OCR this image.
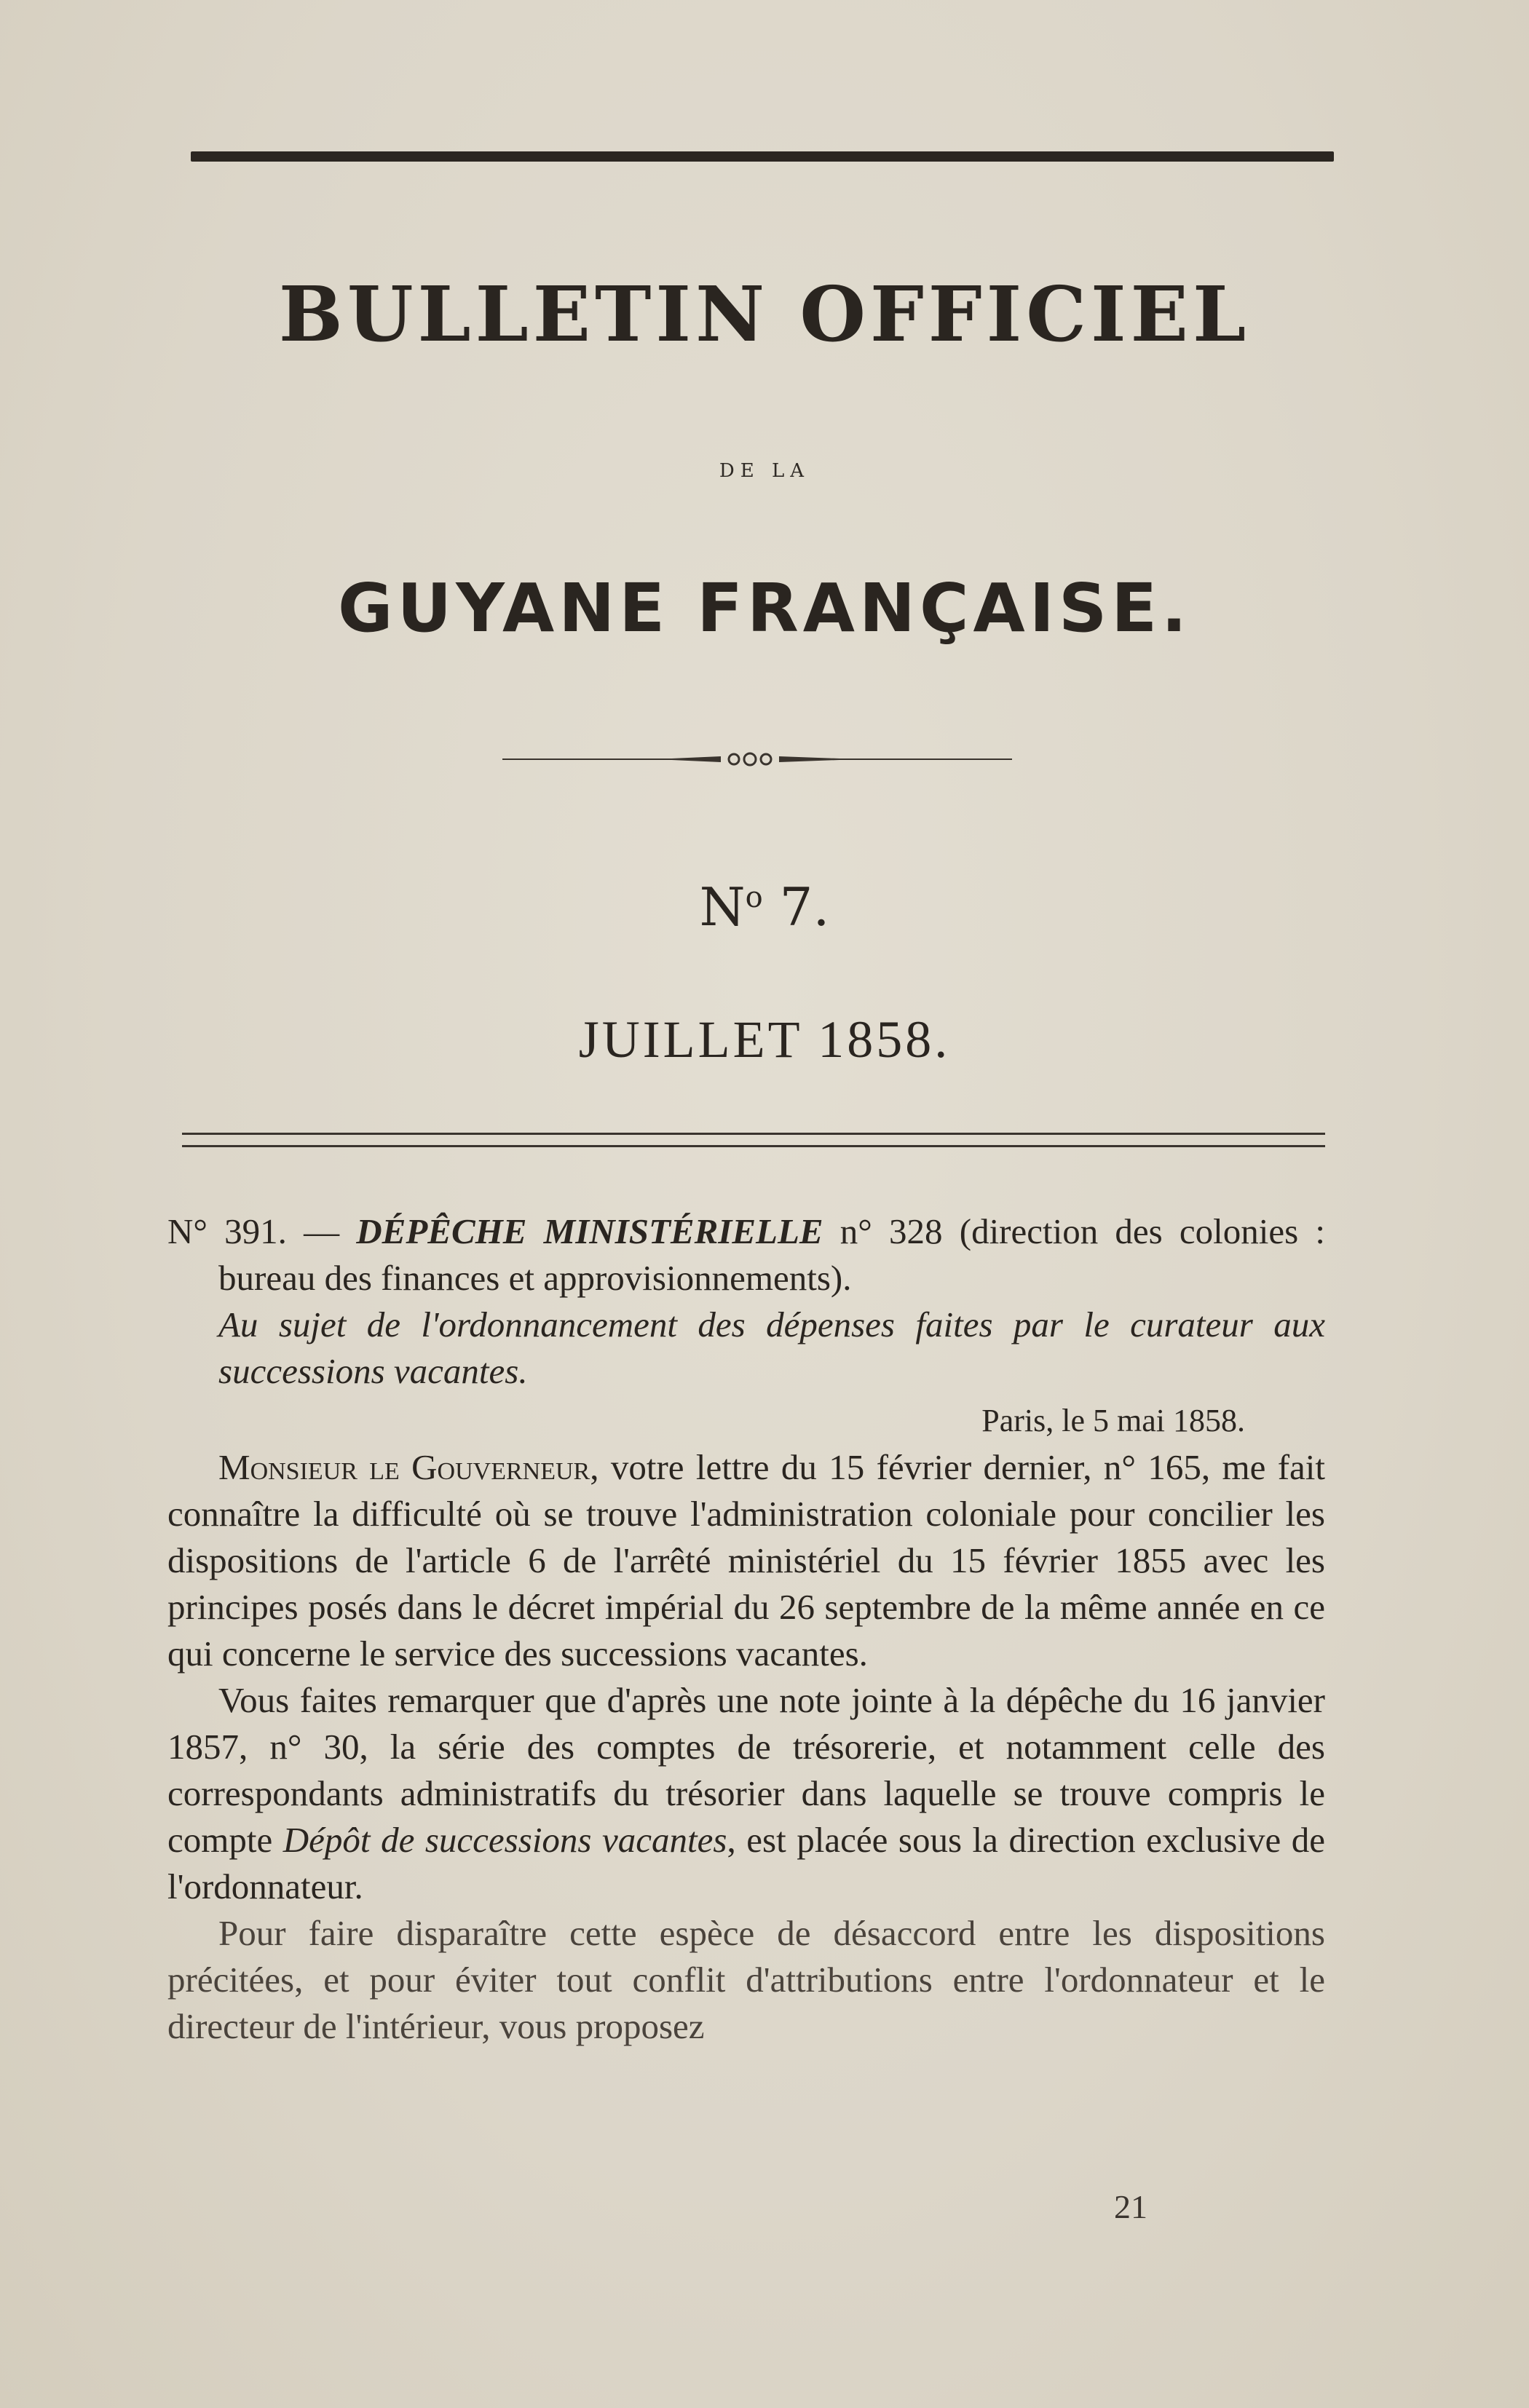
BULLETIN OFFICIEL
DE LA
GUYANE FRANÇAISE.
$N^o$ 7.
JUILLET 1858.

N° 391. — DÉPÊCHE MINISTÉRIELLE n° 328 (direction des colonies : bureau des finances et approvisionnements).

Au sujet de l'ordonnancement des dépenses faites par le curateur aux successions vacantes.

Paris, le 5 mai 1858.

Monsieur le Gouverneur, votre lettre du 15 février dernier, n° 165, me fait connaître la difficulté où se trouve l'administration coloniale pour concilier les dispositions de l'article 6 de l'arrêté ministériel du 15 février 1855 avec les principes posés dans le décret impérial du 26 septembre de la même année en ce qui concerne le service des successions vacantes.

Vous faites remarquer que d'après une note jointe à la dépêche du 16 janvier 1857, n° 30, la série des comptes de trésorerie, et notamment celle des correspondants administratifs du trésorier dans laquelle se trouve compris le compte Dépôt de successions vacantes, est placée sous la direction exclusive de l'ordonnateur.

Pour faire disparaître cette espèce de désaccord entre les dispositions précitées, et pour éviter tout conflit d'attributions entre l'ordonnateur et le directeur de l'intérieur, vous proposez

21
